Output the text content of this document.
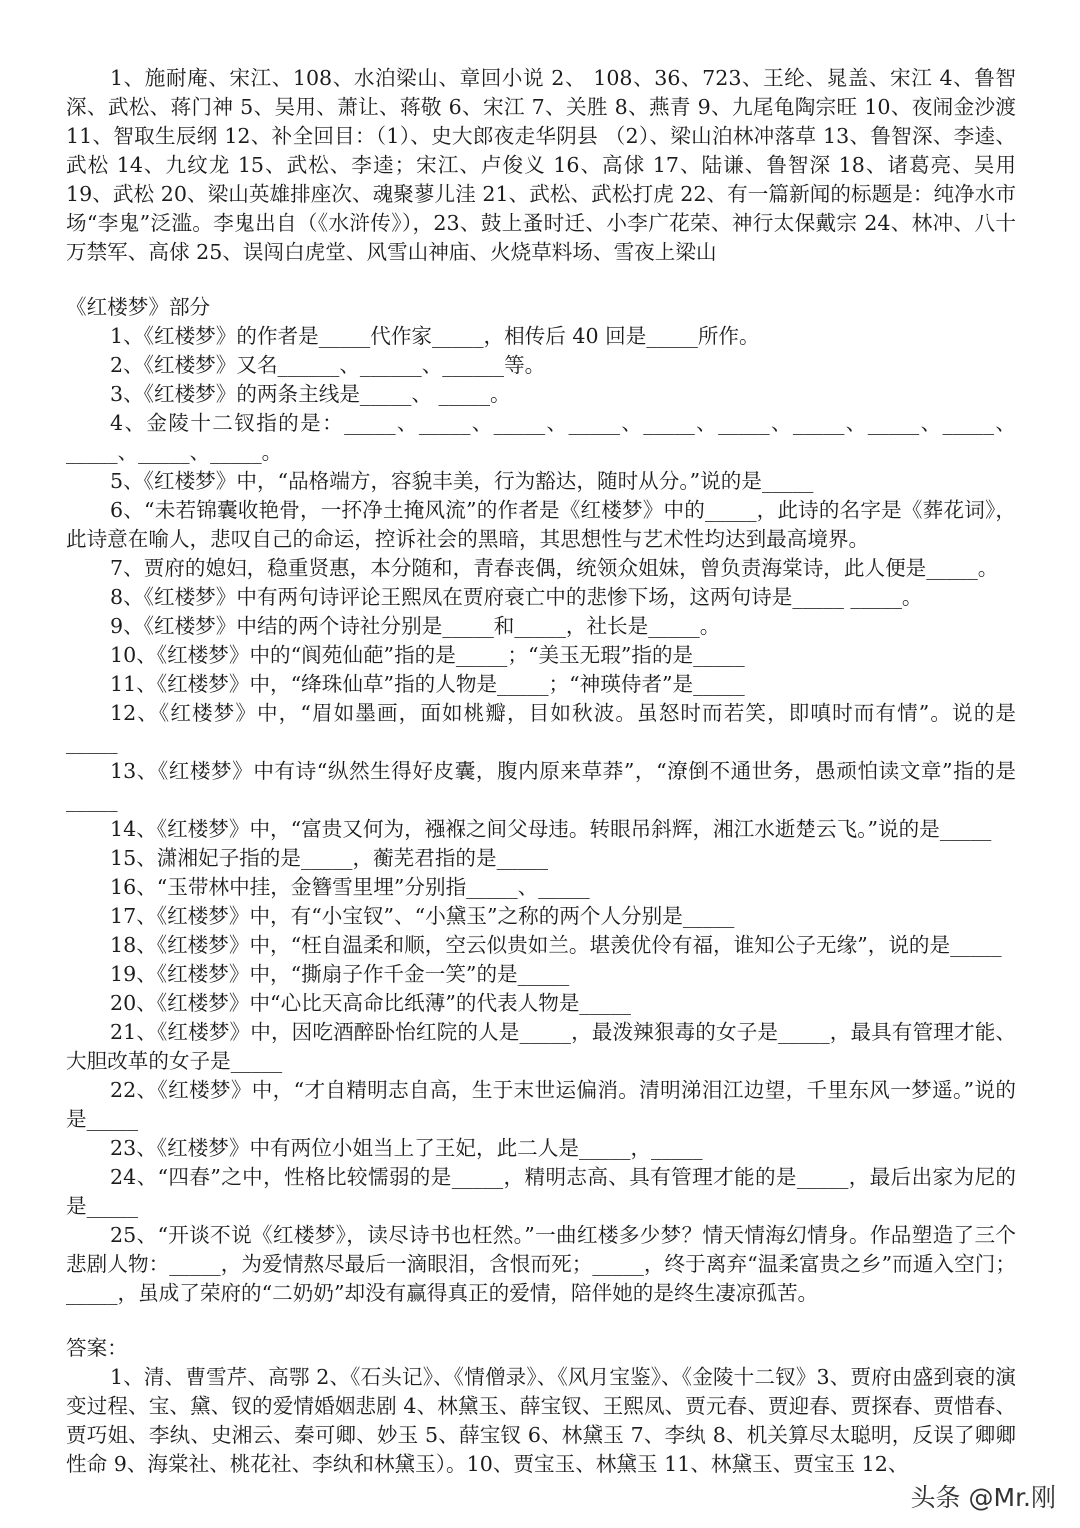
1、施耐庵、宋江、108、水泊梁山、章回小说 2、 108、36、723、王纶、晁盖、宋江 4、鲁智深、武松、蒋门神 5、吴用、萧让、蒋敬 6、宋江 7、关胜 8、燕青 9、九尾龟陶宗旺 10、夜闹金沙渡 11、智取生辰纲 12、补全回目：（1）、史大郎夜走华阴县 （2）、梁山泊林冲落草 13、鲁智深、李逵、武松 14、九纹龙 15、武松、李逵；宋江、卢俊义 16、高俅 17、陆谦、鲁智深 18、诸葛亮、吴用 19、武松 20、梁山英雄排座次、魂聚蓼儿洼 21、武松、武松打虎 22、有一篇新闻的标题是：纯净水市场“李鬼”泛滥。李鬼出自（《水浒传》），23、鼓上蚤时迁、小李广花荣、神行太保戴宗 24、林冲、八十万禁军、高俅 25、误闯白虎堂、风雪山神庙、火烧草料场、雪夜上梁山

《红楼梦》部分

1、《红楼梦》的作者是_____代作家_____，相传后 40 回是_____所作。

2、《红楼梦》又名______、______、______等。

3、《红楼梦》的两条主线是_____、 _____。

4、金陵十二钗指的是：_____、_____、_____、_____、_____、_____、_____、_____、_____、_____、_____、_____。

5、《红楼梦》中，“品格端方，容貌丰美，行为豁达，随时从分。”说的是_____

6、“未若锦囊收艳骨，一抔净土掩风流”的作者是《红楼梦》中的_____，此诗的名字是《葬花词》，此诗意在喻人，悲叹自己的命运，控诉社会的黑暗，其思想性与艺术性均达到最高境界。

7、贾府的媳妇，稳重贤惠，本分随和，青春丧偶，统领众姐妹，曾负责海棠诗，此人便是_____。

8、《红楼梦》中有两句诗评论王熙凤在贾府衰亡中的悲惨下场，这两句诗是_____ _____。

9、《红楼梦》中结的两个诗社分别是_____和_____，社长是_____。

10、《红楼梦》中的“阆苑仙葩”指的是_____；“美玉无瑕”指的是_____

11、《红楼梦》中，“绛珠仙草”指的人物是_____；“神瑛侍者”是_____

12、《红楼梦》中，“眉如墨画，面如桃瓣，目如秋波。虽怒时而若笑，即嗔时而有情”。说的是_____

13、《红楼梦》中有诗“纵然生得好皮囊，腹内原来草莽”，“潦倒不通世务，愚顽怕读文章”指的是_____

14、《红楼梦》中，“富贵又何为，襁褓之间父母违。转眼吊斜辉，湘江水逝楚云飞。”说的是_____

15、潇湘妃子指的是_____，蘅芜君指的是_____

16、“玉带林中挂，金簪雪里埋”分别指_____、_____

17、《红楼梦》中，有“小宝钗”、“小黛玉”之称的两个人分别是_____

18、《红楼梦》中，“枉自温柔和顺，空云似贵如兰。堪羡优伶有福，谁知公子无缘”，说的是_____

19、《红楼梦》中，“撕扇子作千金一笑”的是_____

20、《红楼梦》中“心比天高命比纸薄”的代表人物是_____

21、《红楼梦》中，因吃酒醉卧怡红院的人是_____，最泼辣狠毒的女子是_____，最具有管理才能、大胆改革的女子是_____

22、《红楼梦》中，“才自精明志自高，生于末世运偏消。清明涕泪江边望，千里东风一梦遥。”说的是_____

23、《红楼梦》中有两位小姐当上了王妃，此二人是_____，_____

24、“四春”之中，性格比较懦弱的是_____，精明志高、具有管理才能的是_____，最后出家为尼的是_____

25、“开谈不说《红楼梦》，读尽诗书也枉然。”一曲红楼多少梦？情天情海幻情身。作品塑造了三个悲剧人物：_____，为爱情熬尽最后一滴眼泪，含恨而死；_____，终于离弃“温柔富贵之乡”而遁入空门；_____，虽成了荣府的“二奶奶”却没有赢得真正的爱情，陪伴她的是终生凄凉孤苦。

答案：

1、清、曹雪芹、高鄂 2、《石头记》、《情僧录》、《风月宝鉴》、《金陵十二钗》3、贾府由盛到衰的演变过程、宝、黛、钗的爱情婚姻悲剧 4、林黛玉、薛宝钗、王熙凤、贾元春、贾迎春、贾探春、贾惜春、贾巧姐、李纨、史湘云、秦可卿、妙玉 5、薛宝钗 6、林黛玉 7、李纨 8、机关算尽太聪明，反误了卿卿性命 9、海棠社、桃花社、李纨和林黛玉）。10、贾宝玉、林黛玉 11、林黛玉、贾宝玉 12、

头条 @Mr.刚
